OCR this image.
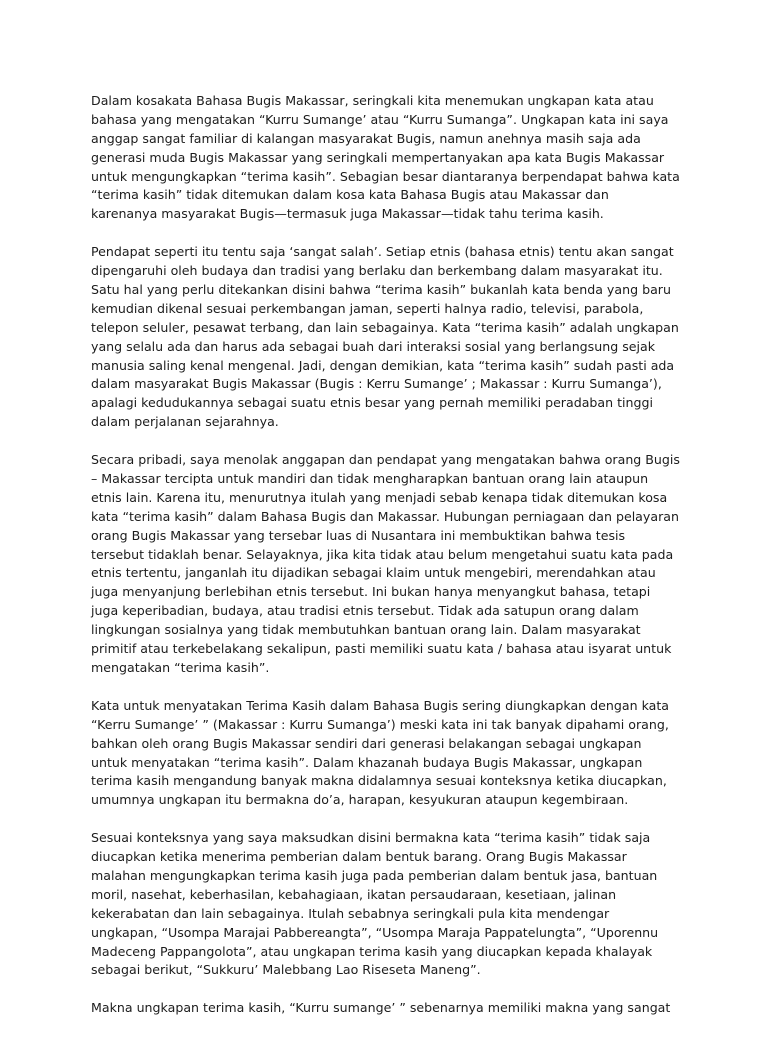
Dalam kosakata Bahasa Bugis Makassar, seringkali kita menemukan ungkapan kata atau
bahasa yang mengatakan “Kurru Sumange’ atau “Kurru Sumanga”. Ungkapan kata ini saya
anggap sangat familiar di kalangan masyarakat Bugis, namun anehnya masih saja ada
generasi muda Bugis Makassar yang seringkali mempertanyakan apa kata Bugis Makassar
untuk mengungkapkan “terima kasih”. Sebagian besar diantaranya berpendapat bahwa kata
“terima kasih” tidak ditemukan dalam kosa kata Bahasa Bugis atau Makassar dan
karenanya masyarakat Bugis—termasuk juga Makassar—tidak tahu terima kasih.
Pendapat seperti itu tentu saja ‘sangat salah’. Setiap etnis (bahasa etnis) tentu akan sangat
dipengaruhi oleh budaya dan tradisi yang berlaku dan berkembang dalam masyarakat itu.
Satu hal yang perlu ditekankan disini bahwa “terima kasih” bukanlah kata benda yang baru
kemudian dikenal sesuai perkembangan jaman, seperti halnya radio, televisi, parabola,
telepon seluler, pesawat terbang, dan lain sebagainya. Kata “terima kasih” adalah ungkapan
yang selalu ada dan harus ada sebagai buah dari interaksi sosial yang berlangsung sejak
manusia saling kenal mengenal. Jadi, dengan demikian, kata “terima kasih” sudah pasti ada
dalam masyarakat Bugis Makassar (Bugis : Kerru Sumange’ ; Makassar : Kurru Sumanga’),
apalagi kedudukannya sebagai suatu etnis besar yang pernah memiliki peradaban tinggi
dalam perjalanan sejarahnya.
Secara pribadi, saya menolak anggapan dan pendapat yang mengatakan bahwa orang Bugis
– Makassar tercipta untuk mandiri dan tidak mengharapkan bantuan orang lain ataupun
etnis lain. Karena itu, menurutnya itulah yang menjadi sebab kenapa tidak ditemukan kosa
kata “terima kasih” dalam Bahasa Bugis dan Makassar. Hubungan perniagaan dan pelayaran
orang Bugis Makassar yang tersebar luas di Nusantara ini membuktikan bahwa tesis
tersebut tidaklah benar. Selayaknya, jika kita tidak atau belum mengetahui suatu kata pada
etnis tertentu, janganlah itu dijadikan sebagai klaim untuk mengebiri, merendahkan atau
juga menyanjung berlebihan etnis tersebut. Ini bukan hanya menyangkut bahasa, tetapi
juga keperibadian, budaya, atau tradisi etnis tersebut. Tidak ada satupun orang dalam
lingkungan sosialnya yang tidak membutuhkan bantuan orang lain. Dalam masyarakat
primitif atau terkebelakang sekalipun, pasti memiliki suatu kata / bahasa atau isyarat untuk
mengatakan “terima kasih”.
Kata untuk menyatakan Terima Kasih dalam Bahasa Bugis sering diungkapkan dengan kata
“Kerru Sumange’ ” (Makassar : Kurru Sumanga’) meski kata ini tak banyak dipahami orang,
bahkan oleh orang Bugis Makassar sendiri dari generasi belakangan sebagai ungkapan
untuk menyatakan “terima kasih”. Dalam khazanah budaya Bugis Makassar, ungkapan
terima kasih mengandung banyak makna didalamnya sesuai konteksnya ketika diucapkan,
umumnya ungkapan itu bermakna do’a, harapan, kesyukuran ataupun kegembiraan.
Sesuai konteksnya yang saya maksudkan disini bermakna kata “terima kasih” tidak saja
diucapkan ketika menerima pemberian dalam bentuk barang. Orang Bugis Makassar
malahan mengungkapkan terima kasih juga pada pemberian dalam bentuk jasa, bantuan
moril, nasehat, keberhasilan, kebahagiaan, ikatan persaudaraan, kesetiaan, jalinan
kekerabatan dan lain sebagainya. Itulah sebabnya seringkali pula kita mendengar
ungkapan, “Usompa Marajai Pabbereangta”, “Usompa Maraja Pappatelungta”, “Uporennu
Madeceng Pappangolota”, atau ungkapan terima kasih yang diucapkan kepada khalayak
sebagai berikut, “Sukkuru’ Malebbang Lao Riseseta Maneng”.
Makna ungkapan terima kasih, “Kurru sumange’ ” sebenarnya memiliki makna yang sangat
